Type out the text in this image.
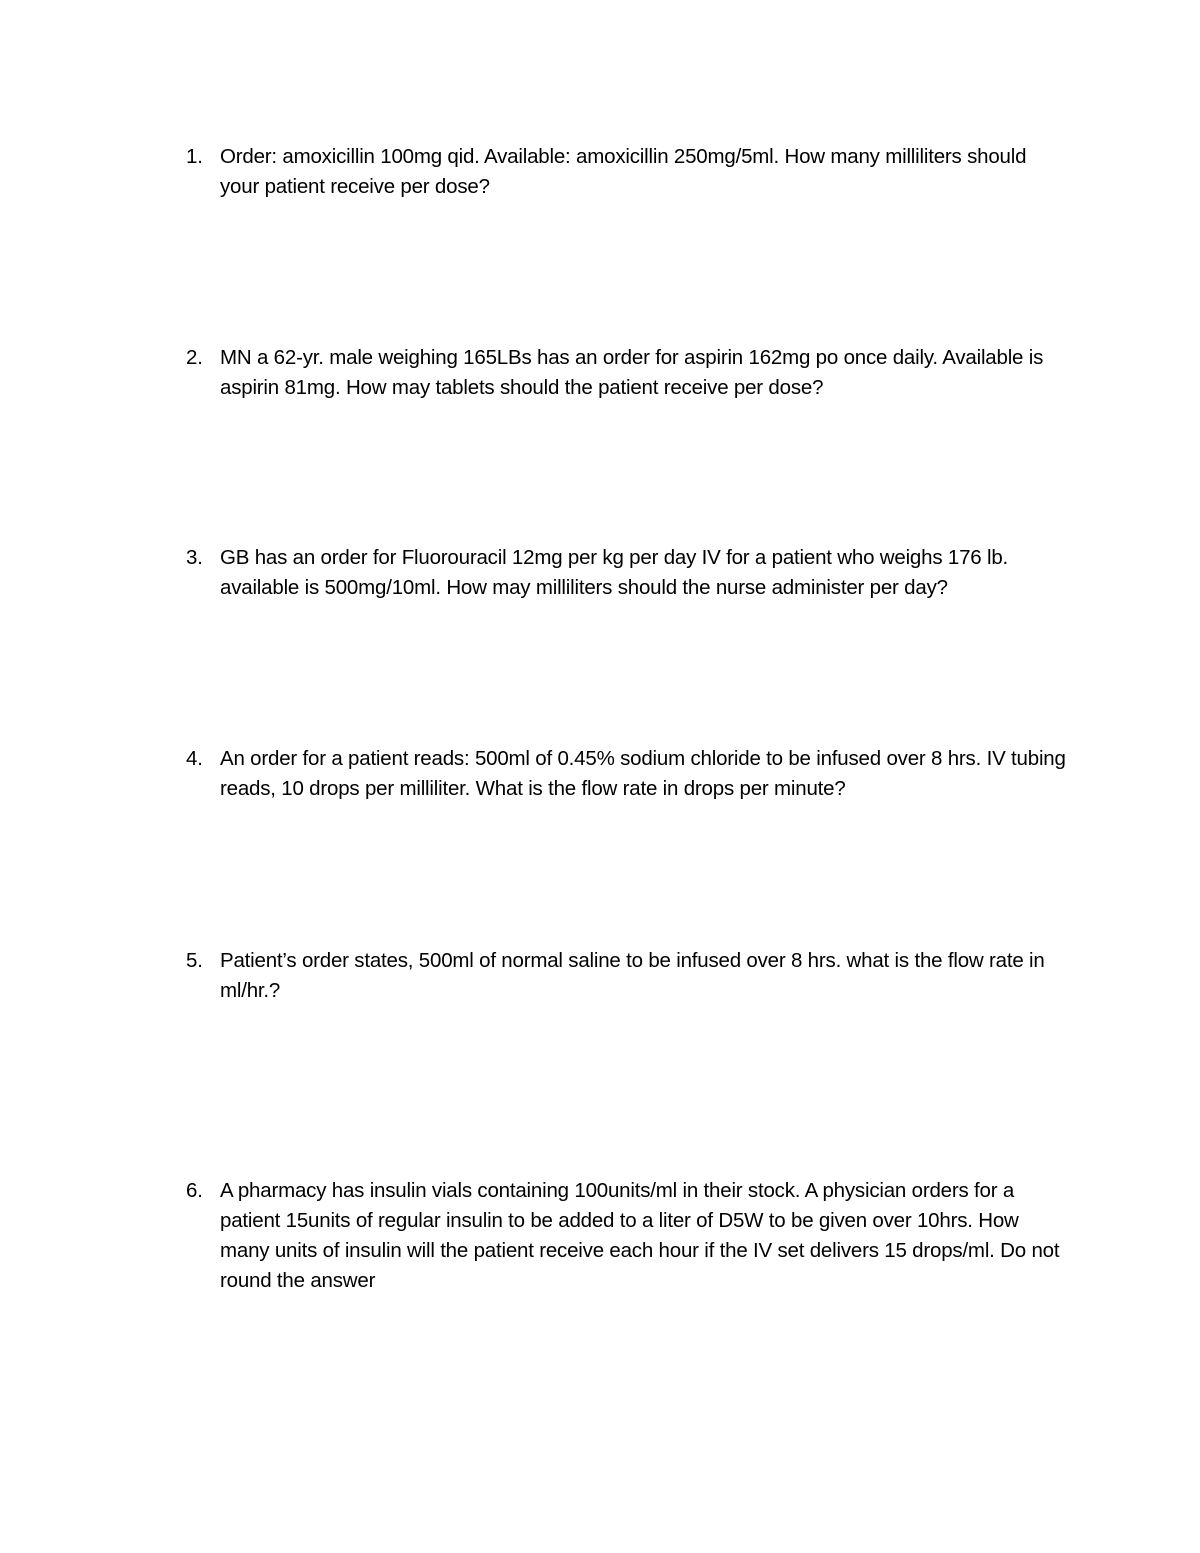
1. Order: amoxicillin 100mg qid. Available: amoxicillin 250mg/5ml. How many milliliters should your patient receive per dose?
2. MN a 62-yr. male weighing 165LBs has an order for aspirin 162mg po once daily. Available is aspirin 81mg. How may tablets should the patient receive per dose?
3. GB has an order for Fluorouracil 12mg per kg per day IV for a patient who weighs 176 lb. available is 500mg/10ml. How may milliliters should the nurse administer per day?
4. An order for a patient reads: 500ml of 0.45% sodium chloride to be infused over 8 hrs. IV tubing reads, 10 drops per milliliter. What is the flow rate in drops per minute?
5. Patient’s order states, 500ml of normal saline to be infused over 8 hrs. what is the flow rate in ml/hr.?
6. A pharmacy has insulin vials containing 100units/ml in their stock. A physician orders for a patient 15units of regular insulin to be added to a liter of D5W to be given over 10hrs. How many units of insulin will the patient receive each hour if the IV set delivers 15 drops/ml. Do not round the answer
